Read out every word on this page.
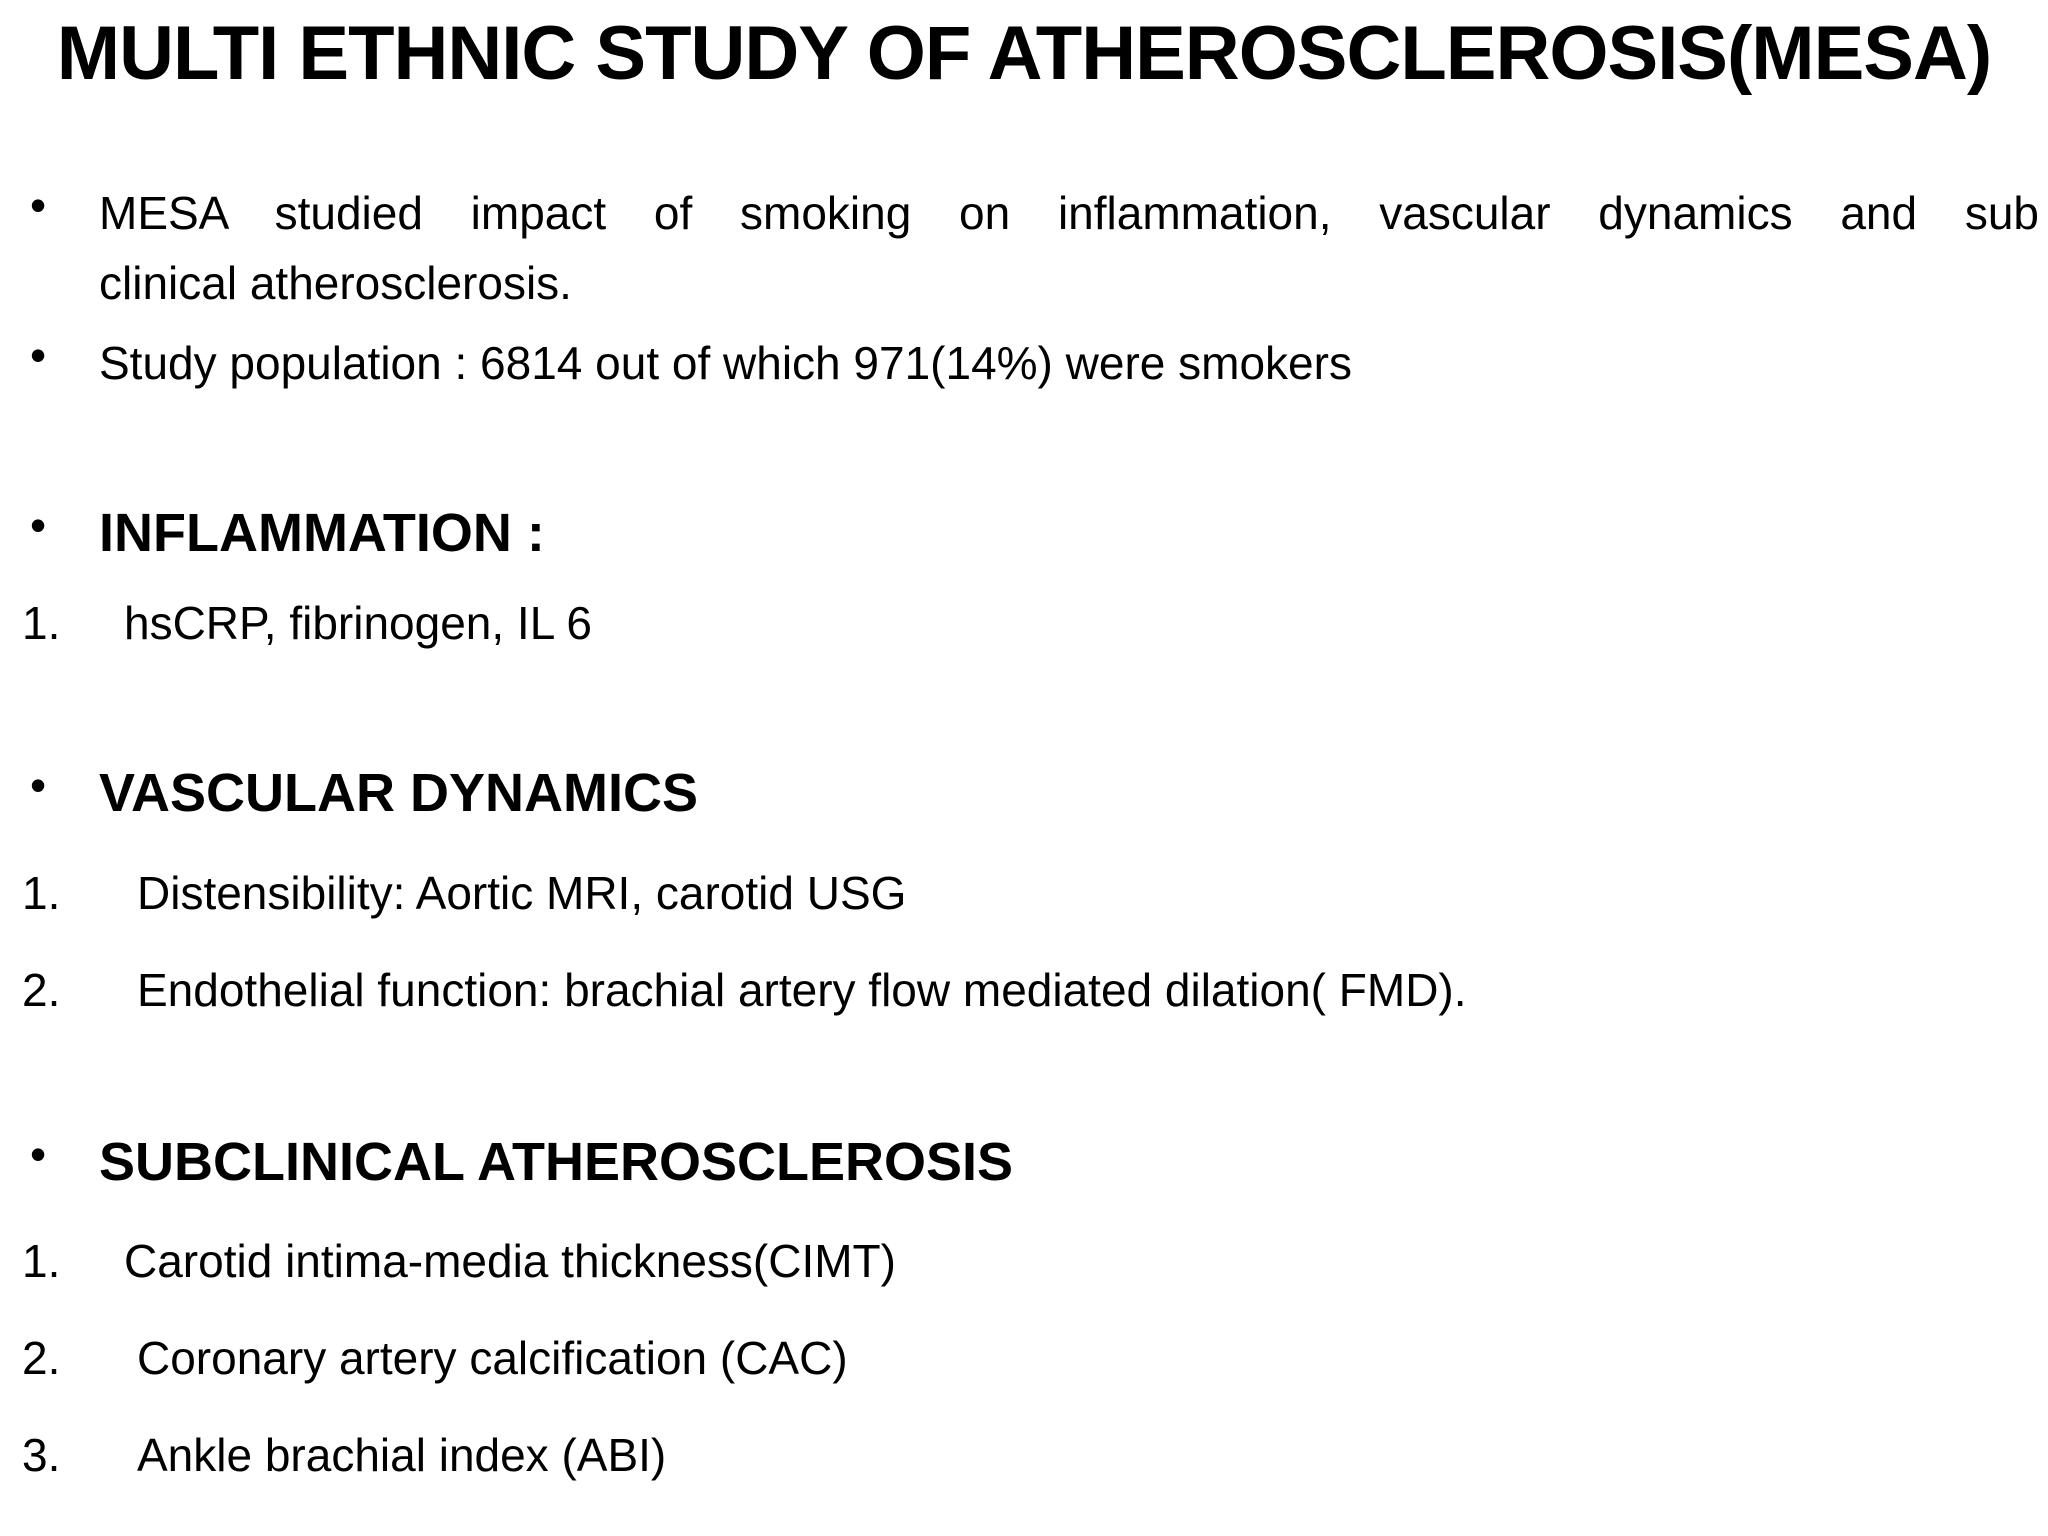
MULTI ETHNIC STUDY OF ATHEROSCLEROSIS(MESA)
• MESA studied impact of smoking on inflammation, vascular dynamics and sub
clinical atherosclerosis.
• Study population : 6814 out of which 971(14%) were smokers
• INFLAMMATION :
1. hsCRP, fibrinogen, IL 6
• VASCULAR DYNAMICS
1. Distensibility: Aortic MRI, carotid USG
2. Endothelial function: brachial artery flow mediated dilation( FMD).
• SUBCLINICAL ATHEROSCLEROSIS
1. Carotid intima-media thickness(CIMT)
2. Coronary artery calcification (CAC)
3. Ankle brachial index (ABI)
